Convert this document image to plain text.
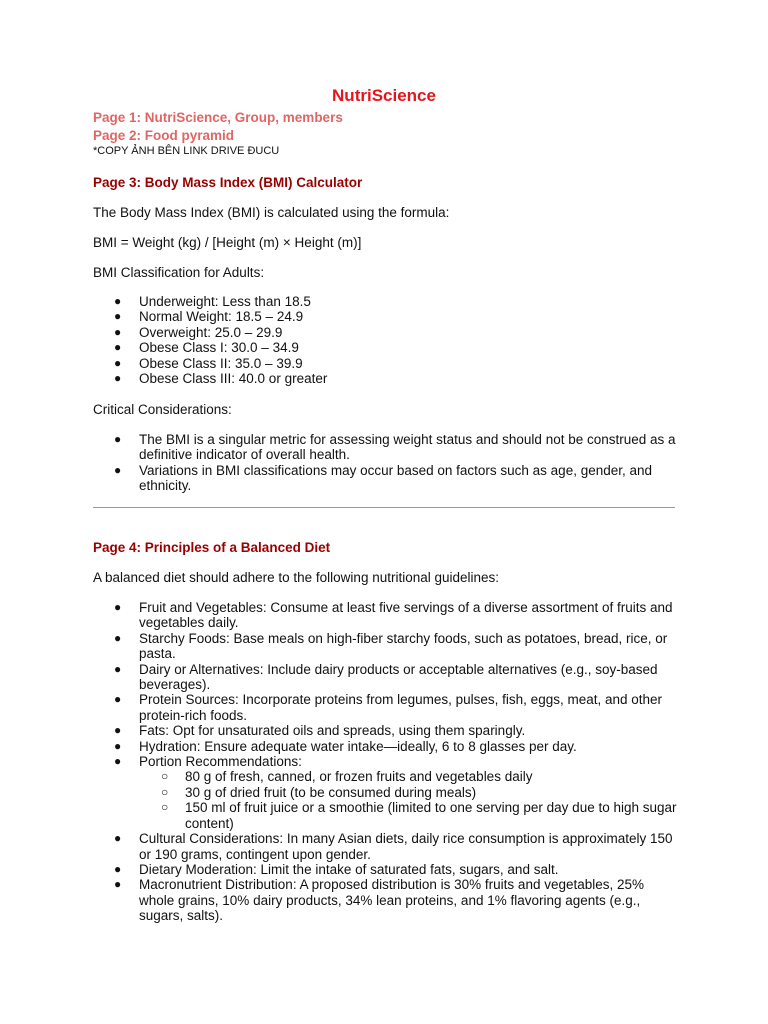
NutriScience
Page 1: NutriScience, Group, members
Page 2: Food pyramid
*COPY ẢNH BÊN LINK DRIVE ĐUCU
Page 3: Body Mass Index (BMI) Calculator
The Body Mass Index (BMI) is calculated using the formula:
BMI = Weight (kg) / [Height (m) × Height (m)]
BMI Classification for Adults:
● Underweight: Less than 18.5
● Normal Weight: 18.5 – 24.9
● Overweight: 25.0 – 29.9
● Obese Class I: 30.0 – 34.9
● Obese Class II: 35.0 – 39.9
● Obese Class III: 40.0 or greater
Critical Considerations:
● The BMI is a singular metric for assessing weight status and should not be construed as a definitive indicator of overall health.
● Variations in BMI classifications may occur based on factors such as age, gender, and ethnicity.
Page 4: Principles of a Balanced Diet
A balanced diet should adhere to the following nutritional guidelines:
● Fruit and Vegetables: Consume at least five servings of a diverse assortment of fruits and vegetables daily.
● Starchy Foods: Base meals on high-fiber starchy foods, such as potatoes, bread, rice, or pasta.
● Dairy or Alternatives: Include dairy products or acceptable alternatives (e.g., soy-based beverages).
● Protein Sources: Incorporate proteins from legumes, pulses, fish, eggs, meat, and other protein-rich foods.
● Fats: Opt for unsaturated oils and spreads, using them sparingly.
● Hydration: Ensure adequate water intake—ideally, 6 to 8 glasses per day.
● Portion Recommendations:
○ 80 g of fresh, canned, or frozen fruits and vegetables daily
○ 30 g of dried fruit (to be consumed during meals)
○ 150 ml of fruit juice or a smoothie (limited to one serving per day due to high sugar content)
● Cultural Considerations: In many Asian diets, daily rice consumption is approximately 150 or 190 grams, contingent upon gender.
● Dietary Moderation: Limit the intake of saturated fats, sugars, and salt.
● Macronutrient Distribution: A proposed distribution is 30% fruits and vegetables, 25% whole grains, 10% dairy products, 34% lean proteins, and 1% flavoring agents (e.g., sugars, salts).
